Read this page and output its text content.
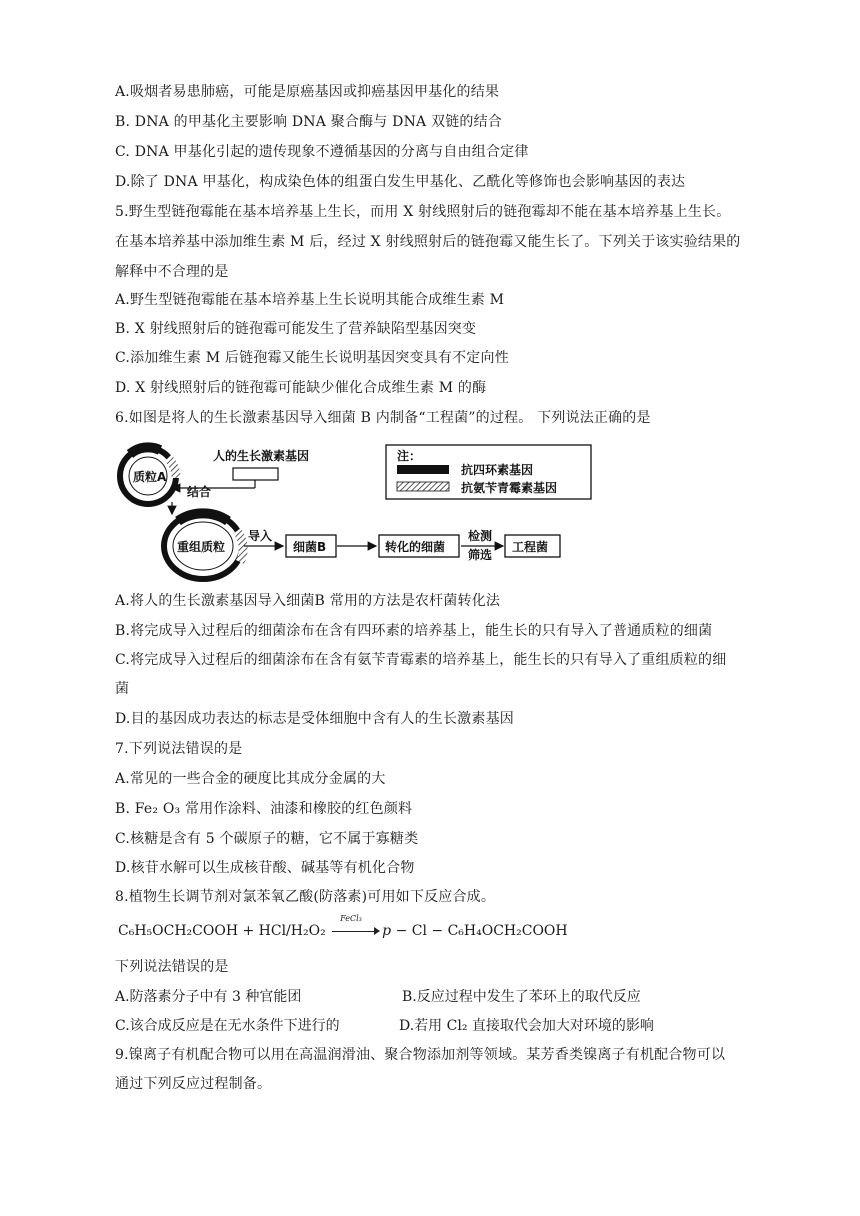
A.吸烟者易患肺癌，可能是原癌基因或抑癌基因甲基化的结果
B. DNA 的甲基化主要影响 DNA 聚合酶与 DNA 双链的结合
C. DNA 甲基化引起的遗传现象不遵循基因的分离与自由组合定律
D.除了 DNA 甲基化，构成染色体的组蛋白发生甲基化、乙酰化等修饰也会影响基因的表达
5.野生型链孢霉能在基本培养基上生长，而用 X 射线照射后的链孢霉却不能在基本培养基上生长。
在基本培养基中添加维生素 M 后，经过 X 射线照射后的链孢霉又能生长了。下列关于该实验结果的
解释中不合理的是
A.野生型链孢霉能在基本培养基上生长说明其能合成维生素 M
B. X 射线照射后的链孢霉可能发生了营养缺陷型基因突变
C.添加维生素 M 后链孢霉又能生长说明基因突变具有不定向性
D. X 射线照射后的链孢霉可能缺少催化合成维生素 M 的酶
6.如图是将人的生长激素基因导入细菌 B 内制备“工程菌”的过程。 下列说法正确的是
质粒A
人的生长激素基因
结合
重组质粒
导入
细菌B	转化的细菌
检测
筛选
工程菌
注：
抗四环素基因
抗氨苄青霉素基因
A.将人的生长激素基因导入细菌B 常用的方法是农杆菌转化法
B.将完成导入过程后的细菌涂布在含有四环素的培养基上，能生长的只有导入了普通质粒的细菌
C.将完成导入过程后的细菌涂布在含有氨苄青霉素的培养基上，能生长的只有导入了重组质粒的细
菌
D.目的基因成功表达的标志是受体细胞中含有人的生长激素基因
7.下列说法错误的是
A.常见的一些合金的硬度比其成分金属的大
B. Fe₂ O₃ 常用作涂料、油漆和橡胶的红色颜料
C.核糖是含有 5 个碳原子的糖，它不属于寡糖类
D.核苷水解可以生成核苷酸、碱基等有机化合物
8.植物生长调节剂对氯苯氧乙酸(防落素)可用如下反应合成。
C₆H₅OCH₂COOH + HCl/H₂O₂
FeCl₃
p − Cl − C₆H₄OCH₂COOH
下列说法错误的是
A.防落素分子中有 3 种官能团	B.反应过程中发生了苯环上的取代反应
C.该合成反应是在无水条件下进行的	D.若用 Cl₂ 直接取代会加大对环境的影响
9.镍离子有机配合物可以用在高温润滑油、聚合物添加剂等领域。某芳香类镍离子有机配合物可以
通过下列反应过程制备。
